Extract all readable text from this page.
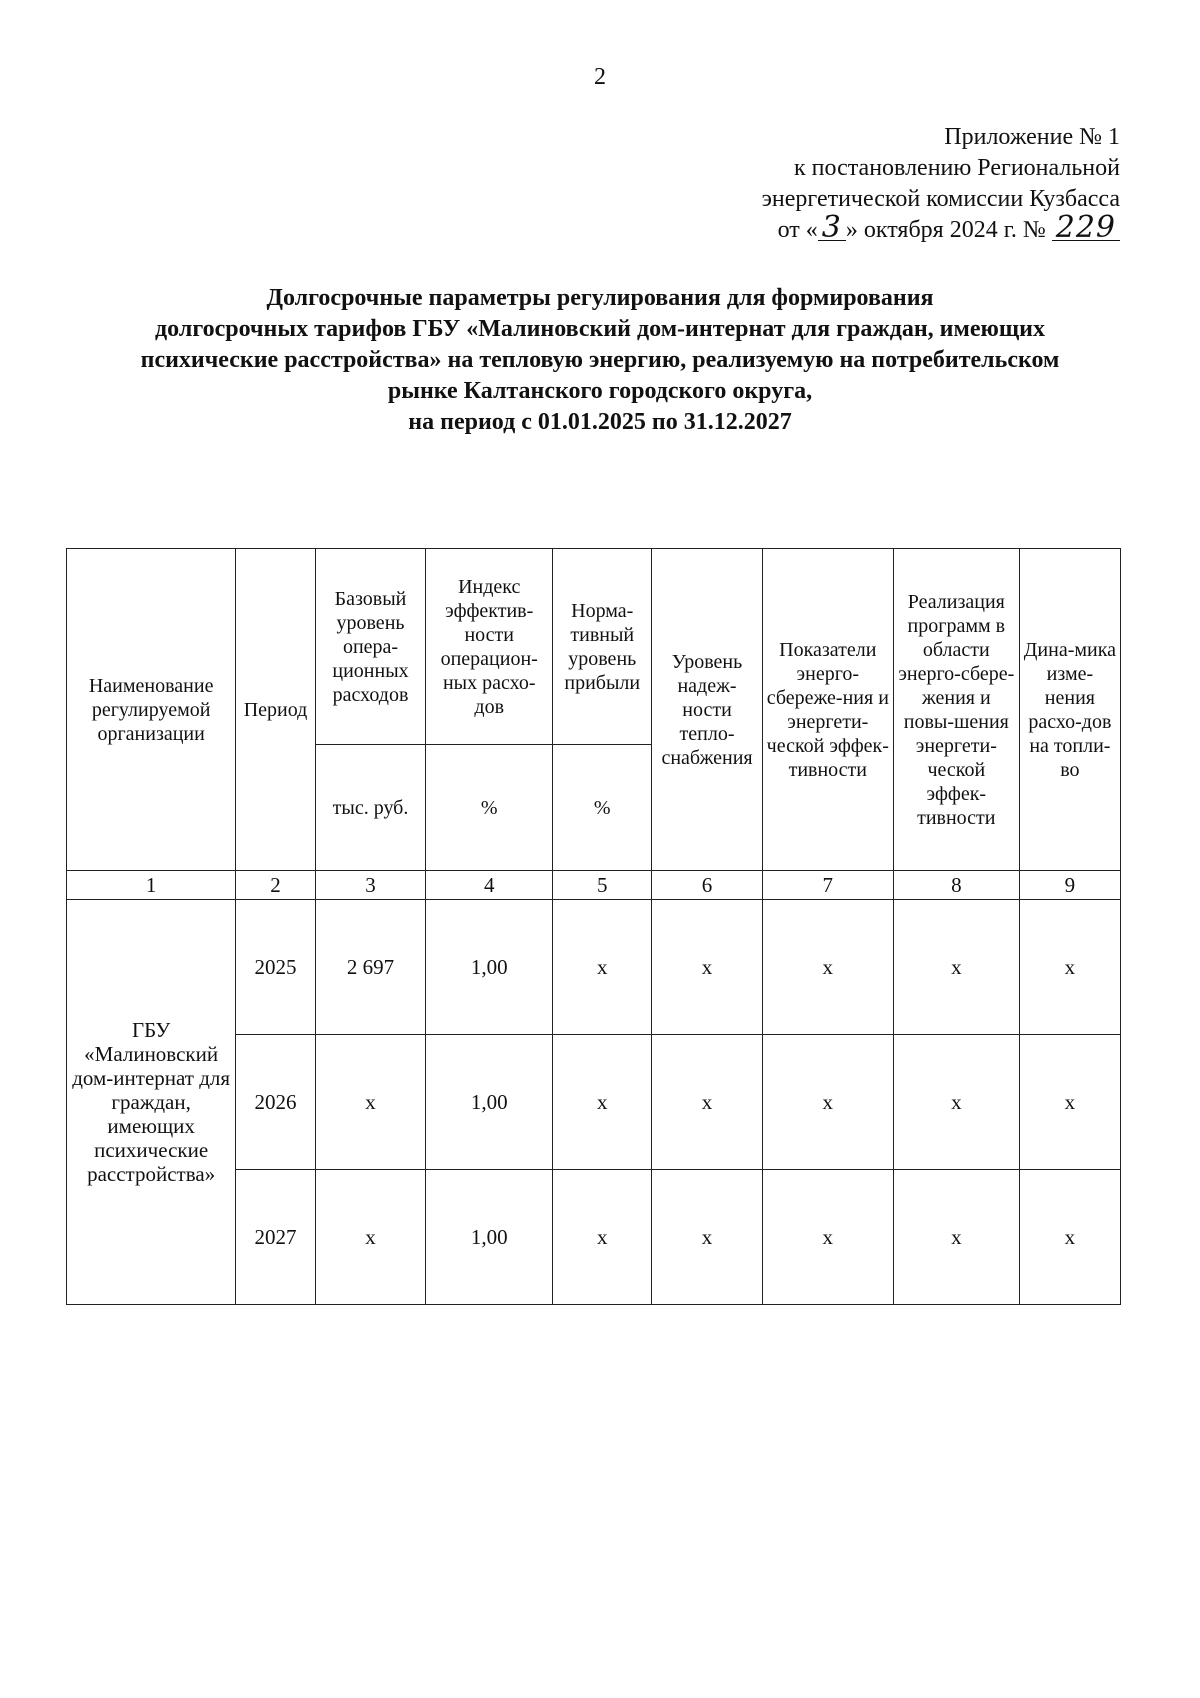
2
Приложение № 1
к постановлению Региональной
энергетической комиссии Кузбасса
от « 3 » октября 2024 г. № 229
Долгосрочные параметры регулирования для формирования
долгосрочных тарифов ГБУ «Малиновский дом-интернат для граждан, имеющих
психические расстройства» на тепловую энергию, реализуемую на потребительском
рынке Калтанского городского округа,
на период с 01.01.2025 по 31.12.2027
Наименование регулируемой организации	Период	Базовый уровень опера-ционных расходов	Индекс эффектив-ности операцион-ных расхо-дов	Норма-тивный уровень прибыли	Уровень надеж-ности тепло-снабжения	Показатели энерго-сбереже-ния и энергети-ческой эффек-тивности	Реализация программ в области энерго-сбере-жения и повы-шения энергети-ческой эффек-тивности	Дина-мика изме-нения расхо-дов на топли-во
		тыс. руб.	%	%				
1	2	3	4	5	6	7	8	9
ГБУ «Малиновский дом-интернат для граждан, имеющих психические расстройства»	2025	2 697	1,00	х	х	х	х	х
	2026	х	1,00	х	х	х	х	х
	2027	х	1,00	х	х	х	х	х
